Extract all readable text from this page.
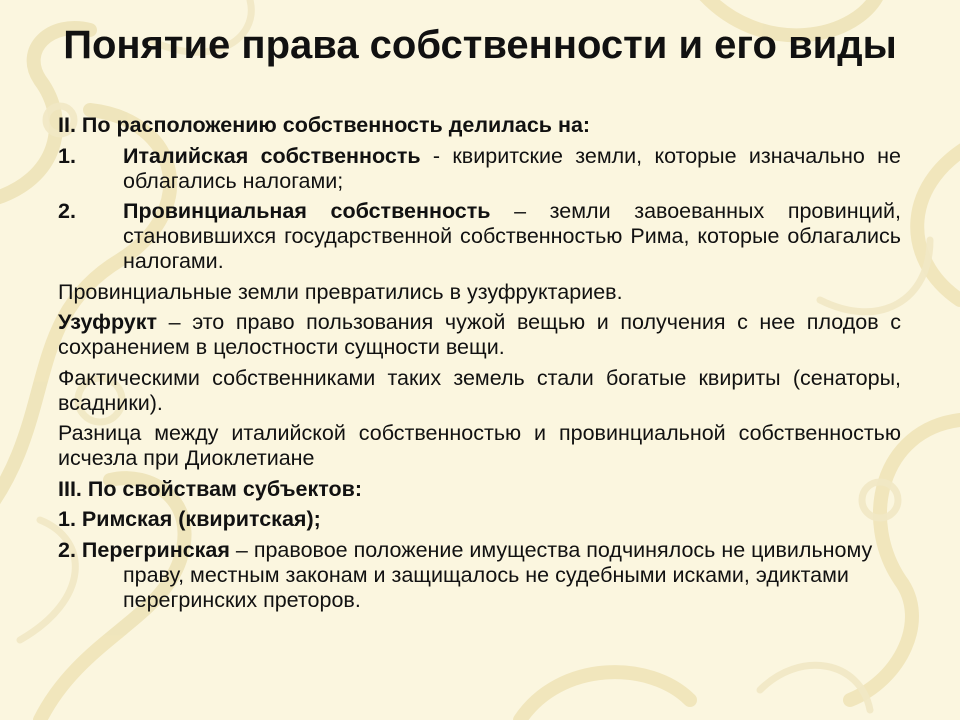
Понятие права собственности и его виды

II. По расположению собственность делилась на:

1. Италийская собственность - квиритские земли, которые изначально не облагались налогами;

2. Провинциальная собственность – земли завоеванных провинций, становившихся государственной собственностью Рима, которые облагались налогами.

Провинциальные земли превратились в узуфруктариев.

Узуфрукт – это право пользования чужой вещью и получения с нее плодов с сохранением в целостности сущности вещи.

Фактическими собственниками таких земель стали богатые квириты (сенаторы, всадники).

Разница между италийской собственностью и провинциальной собственностью исчезла при Диоклетиане

III. По свойствам субъектов:

1. Римская (квиритская);

2. Перегринская – правовое положение имущества подчинялось не цивильному праву, местным законам и защищалось не судебными исками, эдиктами перегринских преторов.
